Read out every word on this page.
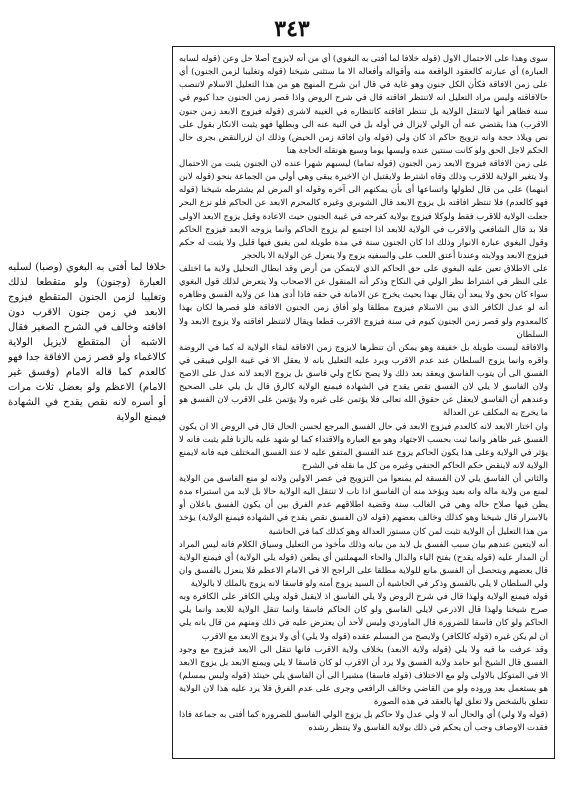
٣٤٣

سوى وهذا على الاحتمال الاول (قوله خلافا لما أفتى به البغوي) أي من أنه لايزوج أصلا حل وعن (قوله لسابه العبارة) أي عبارته كالعقود الواقعة منه وأقواله وأفعاله الا ما ستثنى شيخنا (قوله وتغليبا لزمن الجنون) أي على زمن الافاقة فكأن الكل جنون وهو غاية في قال ابن شرح المنهج هو من هذا التعليل الاسلام لاتنصب حالافاقته وليس مراد التعليل انه لاتنتظر افاقته قال في شرح الروض واذا قصر زمن الجنون جدا كيوم في سنة فظاهر أنها لاتنتقل الولاية بل تنتظر افاقته كانتظاره في الغيبة لاشرى (قوله فيزوج الابعد زمن جنون الاقرب) هذا يقتضي عنه أن الولي لايزال في أوله بل في النية عنه الى وبطلها فهو يثبت الانكار بقول على نص ويلاذ حجة وانه تزويج حاكم اذ كان ولي (قوله وان افاقة زمن الحيض) وذلك ان لزرالنقض بجرى حال الحكم لاجل الحق ولو كانت سنتين عنده وليسها يوما وسيع هونقله الحاجة هنا

على زمن الافاقة فيزوج الابعد زمن الجنون (قوله تماما) ليسبهم شهرا عنده لان الجنون يثبت من الاحتمال ولا يتغير الولاية للاقرب وذلك وقاه اشترط ولايقتبل ان الاخيرة يبقى وهي أولي من الجماعة بنحو (قوله لابن ابنهما) على من قال لطولها واتساعها أى بأن يمكنهم الى آخره وقوله او المرض لم يشترطه شيخنا (قوله فهو كالعدم) فلا تنتظر افاقته بل يزوج الابعد قال الشوبري وغيره كالمحرم الابعد عن الحاكم فلو نزع البحر جعلت الولاية للاقرب فقط ولوكلا فيزوج بولاية كفرحه في غيبة الجنون حيث الاعادة وقيل يزوج الابعد الاولى فلا بد قال الشافعي والاقرب في الولاية للابعد اذا اجتمع لم يزوج الحاكم وانما يزوجه الابعد فيزوج الحاكم وقول البغوي عبارة الانوار وذلك اذا كان الجنون سنة في مدة طويلة لمن يفيق فيها قليل ولا يثبت له حكم فيزوج الابعد وولايته وعندنا أعتق اللعب على والسفيه يزوج ولا ينعزل عن الولاية الا بالحجر

على الاطلاق تعين عليه البغوي على حق الحاكم الذي لايتمكن من أرض وقد ابطال التحليل ولاية ما اختلف على النظر في اشتراط نظر الولي في النكاح وذكر أنه المنقول عن الاصحاب ولا يتعرض لذلك قول البغوي سواء كان بحق ولا يبعد أن يقال بهذا بحيث يخرج عن الامانة في حقه فاذا أدى هذا عن ولاية الفسق وظاهره أنه لو عدل الكافر الذي بين الاسلام فيزوج مطلقا ولو أفاق زمن الجنون الافاقة فلو قصرها لكان بهذا كالمعدوم ولو قصر زمن الجنون كيوم في سنة فيزوج الاقرب قطعا ويقال لاتنتظر افاقته ولا يزوج الابعد ولا السلطان

والافاقة ليست طويلة بل خفيفة وهو يمكن أن تنظرها لايزوج زمن الافاقة لبقاء الولاية له كما في الروضة واقره وانما يزوج السلطان عند عدم الاقرب ويرد عليه التعليل بانه لا يعقل الا في غيبة الولي فيبقى في الفسق الى أن يتوب الفاسق ويعقد بعد ذلك ولا يصح نكاح ولي فاسق بل يزوج الابعد لانه عدل على الاصح ولان الفاسق لا يلي لان الفسق نقص يقدح في الشهادة فيمنع الولاية كالرق قال بل يلي على الصحيح وعندهم أن الفاسق لايعقل عن حقوق الله تعالى فلا يؤتمن على غيره ولا يؤتمن على الاقرب لان الفسق هو ما يخرج به المكلف عن العدالة

وان اختار الابعد لانه كالعدم فيزوج الابعد في حال الفسق المرجع لحسن الحال قال في الروض الا ان يكون الفسق غير ظاهر وانما ثبت بحسب الاجتهاد وهو مع العبارة والاقتداء كما لو شهد عليه بالزنا فلم يثبت فانه لا يؤثر في الولاية وعلى هذا يكون الحاكم يزوج عند الفسق المتفق عليه لا عند الفسق المختلف فيه فانه لايمنع الولاية لانه لاينقض حكم الحاكم الحنفي وغيره من كل ما نقله في الشرح

والثاني أن الفاسق يلي لان الفسقة لم يمنعوا من التزويج في عصر الاولين ولانه لو منع الفاسق من الولاية لمنع من ولاية ماله وانه بعيد ويؤخذ منه أن الفاسق اذا تاب لا تنتقل اليه الولاية حالا بل لابد من استبراء مدة يظن فيها صلاح حاله وهي في الغالب سنة وقضية اطلاقهم عدم الفرق بين أن يكون الفسق باعلان أو بالاسرار قال شيخنا وهو كذلك وخالف بعضهم (قوله لان الفسق نقص يقدح في الشهادة فيمنع الولاية) يؤخذ من هذا التعليل أن الولاية تثبت لمن كان مستور العدالة وهو كذلك كما في الحاشية

أنه لايتعين عندهم بيان سبب الفسق بل لابد من بيانه وذلك مأخوذ من التعليل وسياق الكلام فانه ليس المراد أن المدار عليه (قوله يقدح) بفتح الياء والدال والحاء المهملتين أي يطعن (قوله يلي الولاية) أي فيمنع الولاية قال بعضهم ويتحصل أن الفسق مانع للولاية مطلقا على الراجح الا في الامام الاعظم فلا ينعزل بالفسق وان ولي السلطان لا يلي بالفسق وذكر في الحاشية أن السيد يزوج أمته ولو فاسقا لانه يزوج بالملك لا بالولاية

قوله فيمنع الولاية ولهذا قال في شرح الروض ولا يلي الفاسق اذ لايقبل قوله ويلي الكافر على الكافرة وبه صرح شيخنا ولهذا قال الاذرعي لايلي الفاسق ولو كان الحاكم فاسقا وانما تنقل الولاية للابعد وانما يلي الحاكم ولو كان فاسقا للضرورة قال الماوردي وليس لأحد أن يعترض عليه في ذلك ومنهم من قال بانه يلي ان لم يكن غيره (قوله كالكافر) ولايصح من المسلم عقده (قوله ولا يلي) أي ولا يزوج الابعد مع الاقرب

وقد عرفت ما فيه ولا يلي (قوله ولاية الابعد) بخلاف ولاية الاقرب فانها تنقل الى الابعد فيزوج مع وجود الفسق قال الشيخ أبو حامد ولاية الفسق ولا يرد أن الاقرب لو كان فاسقا لا يلي ويمنع الابعد بل يزوج الابعد الا في المتوكل بالاولى ولو مع الاختلاف (قوله فاسقا) مشيرا الى أن الفاسق يلي حينئذ (قوله وليس بمسلم) هو يستعمل بعد وروده ولو من القاضي وخالف الرافعي وجرى على عدم الفرق فلا يرد عليه هذا لان الولاية تتعلق بالشخص ولا تعلق لها بالعقد في هذه الصورة

(قوله ولا ولي) أي والحال أنه لا ولي عدل ولا حاكم بل يزوج الولي الفاسق للضرورة كما أفتى به جماعة فاذا فقدت الاوصاف وجب أن يحكم في ذلك بولاية الفاسق ولا ينتظر رشده

خلافا لما أفتى به البغوي (وصبا) لسلبه العبارة (وجنون) ولو متقطعا لذلك وتغليبا لزمن الجنون المتقطع فيزوج الابعد في زمن جنون الاقرب دون افاقته وخالف في الشرح الصغير فقال الاشبه أن المتقطع لايزيل الولاية كالاغماء ولو قصر زمن الافاقة جدا فهو كالعدم كما قاله الامام (وفسق غير الامام) الاعظم ولو بعضل ثلاث مرات أو أسره لانه نقص يقدح في الشهادة فيمنع الولاية
